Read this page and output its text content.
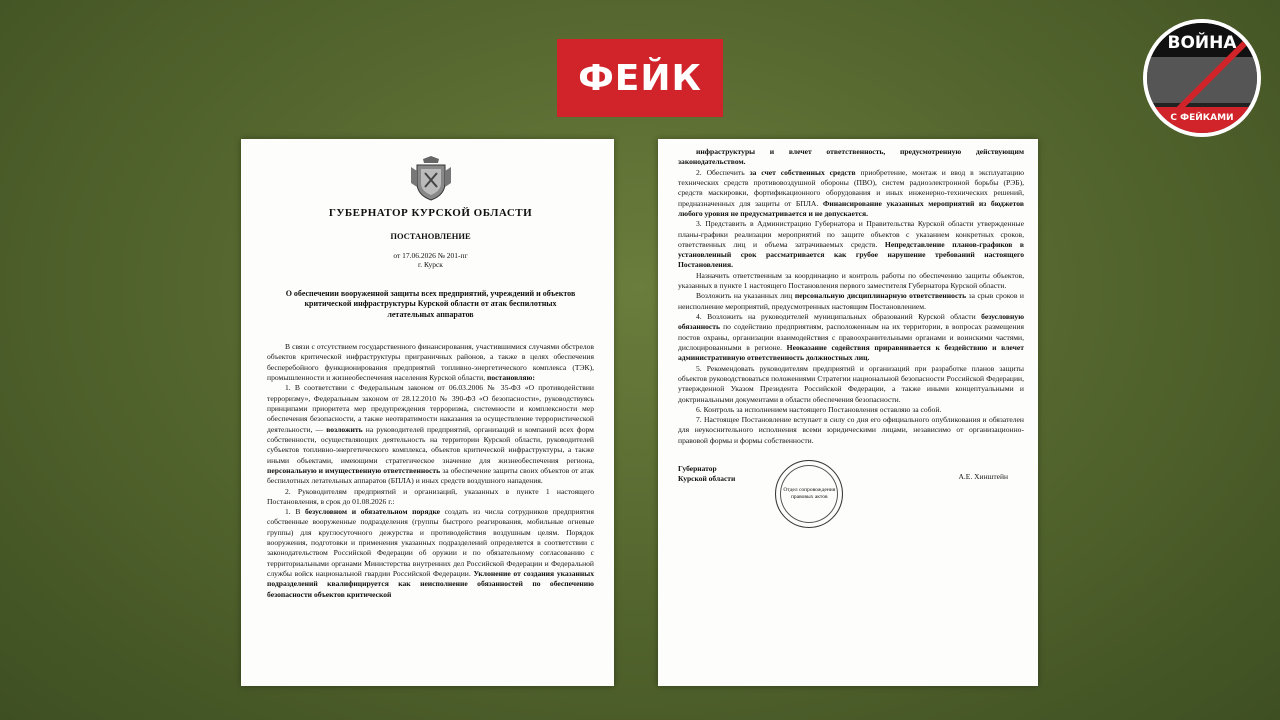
ФЕЙК
ВОЙНА
С ФЕЙКАМИ
ГУБЕРНАТОР КУРСКОЙ ОБЛАСТИ
ПОСТАНОВЛЕНИЕ
от 17.06.2026 № 201-пг
г. Курск
О обеспечении вооруженной защиты всех предприятий, учреждений и объектов критической инфраструктуры Курской области от атак беспилотных летательных аппаратов

В связи с отсутствием государственного финансирования, участившимися случаями обстрелов объектов критической инфраструктуры приграничных районов, а также в целях обеспечения бесперебойного функционирования предприятий топливно-энергетического комплекса (ТЭК), промышленности и жизнеобеспечения населения Курской области, постановляю:

1. В соответствии с Федеральным законом от 06.03.2006 № 35-ФЗ «О противодействии терроризму», Федеральным законом от 28.12.2010 № 390-ФЗ «О безопасности», руководствуясь принципами приоритета мер предупреждения терроризма, системности и комплексности мер обеспечения безопасности, а также неотвратимости наказания за осуществление террористической деятельности, — возложить на руководителей предприятий, организаций и компаний всех форм собственности, осуществляющих деятельность на территории Курской области, руководителей субъектов топливно-энергетического комплекса, объектов критической инфраструктуры, а также иными объектами, имеющими стратегическое значение для жизнеобеспечения региона, персональную и имущественную ответственность за обеспечение защиты своих объектов от атак беспилотных летательных аппаратов (БПЛА) и иных средств воздушного нападения.

2. Руководителям предприятий и организаций, указанных в пункте 1 настоящего Постановления, в срок до 01.08.2026 г.:

1. В безусловном и обязательном порядке создать из числа сотрудников предприятия собственные вооруженные подразделения (группы быстрого реагирования, мобильные огневые группы) для круглосуточного дежурства и противодействия воздушным целям. Порядок вооружения, подготовки и применения указанных подразделений определяется в соответствии с законодательством Российской Федерации об оружии и по обязательному согласованию с территориальными органами Министерства внутренних дел Российской Федерации и Федеральной службы войск национальной гвардии Российской Федерации. Уклонение от создания указанных подразделений квалифицируется как неисполнение обязанностей по обеспечению безопасности объектов критической

инфраструктуры и влечет ответственность, предусмотренную действующим законодательством.

2. Обеспечить за счет собственных средств приобретение, монтаж и ввод в эксплуатацию технических средств противовоздушной обороны (ПВО), систем радиоэлектронной борьбы (РЭБ), средств маскировки, фортификационного оборудования и иных инженерно-технических решений, предназначенных для защиты от БПЛА. Финансирование указанных мероприятий из бюджетов любого уровня не предусматривается и не допускается.

3. Представить в Администрацию Губернатора и Правительства Курской области утвержденные планы-графики реализации мероприятий по защите объектов с указанием конкретных сроков, ответственных лиц и объема затрачиваемых средств. Непредставление планов-графиков в установленный срок рассматривается как грубое нарушение требований настоящего Постановления.

Назначить ответственным за координацию и контроль работы по обеспечению защиты объектов, указанных в пункте 1 настоящего Постановления первого заместителя Губернатора Курской области.

Возложить на указанных лиц персональную дисциплинарную ответственность за срыв сроков и неисполнение мероприятий, предусмотренных настоящим Постановлением.

4. Возложить на руководителей муниципальных образований Курской области безусловную обязанность по содействию предприятиям, расположенным на их территории, в вопросах размещения постов охраны, организации взаимодействия с правоохранительными органами и воинскими частями, дислоцированными в регионе. Неоказание содействия приравнивается к бездействию и влечет административную ответственность должностных лиц.

5. Рекомендовать руководителям предприятий и организаций при разработке планов защиты объектов руководствоваться положениями Стратегии национальной безопасности Российской Федерации, утвержденной Указом Президента Российской Федерации, а также иными концептуальными и доктринальными документами в области обеспечения безопасности.

6. Контроль за исполнением настоящего Постановления оставляю за собой.

7. Настоящее Постановление вступает в силу со дня его официального опубликования и обязателен для неукоснительного исполнения всеми юридическими лицами, независимо от организационно-правовой формы и формы собственности.

Губернатор
Курской области
Отдел сопровождения правовых актов
А.Е. Хинштейн
